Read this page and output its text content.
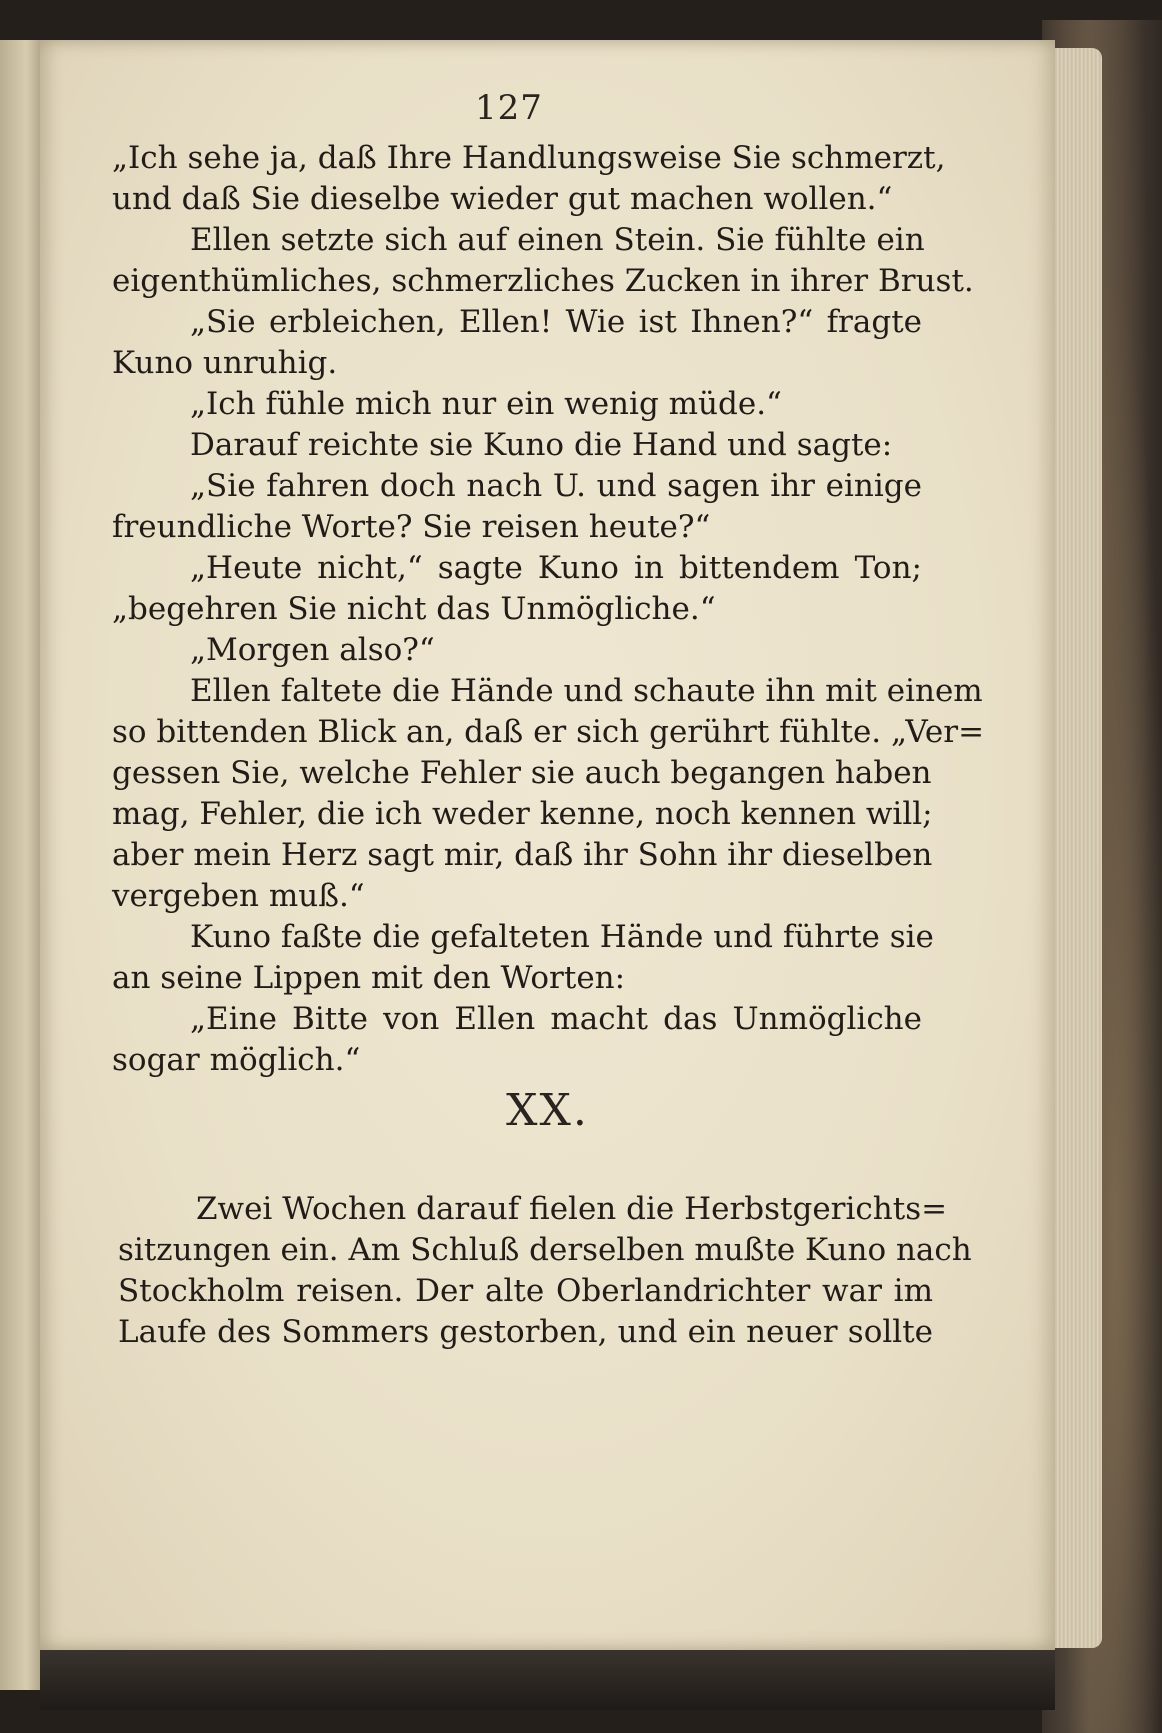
127
„Ich sehe ja, daß Ihre Handlungsweise Sie schmerzt,
und daß Sie dieselbe wieder gut machen wollen.“
Ellen setzte sich auf einen Stein. Sie fühlte ein
eigenthümliches, schmerzliches Zucken in ihrer Brust.
„Sie erbleichen, Ellen! Wie ist Ihnen?“ fragte
Kuno unruhig.
„Ich fühle mich nur ein wenig müde.“
Darauf reichte sie Kuno die Hand und sagte:
„Sie fahren doch nach U. und sagen ihr einige
freundliche Worte? Sie reisen heute?“
„Heute nicht,“ sagte Kuno in bittendem Ton;
„begehren Sie nicht das Unmögliche.“
„Morgen also?“
Ellen faltete die Hände und schaute ihn mit einem
so bittenden Blick an, daß er sich gerührt fühlte. „Ver=
gessen Sie, welche Fehler sie auch begangen haben
mag, Fehler, die ich weder kenne, noch kennen will;
aber mein Herz sagt mir, daß ihr Sohn ihr dieselben
vergeben muß.“
Kuno faßte die gefalteten Hände und führte sie
an seine Lippen mit den Worten:
„Eine Bitte von Ellen macht das Unmögliche
sogar möglich.“
XX.
Zwei Wochen darauf fielen die Herbstgerichts=
sitzungen ein. Am Schluß derselben mußte Kuno nach
Stockholm reisen. Der alte Oberlandrichter war im
Laufe des Sommers gestorben, und ein neuer sollte
